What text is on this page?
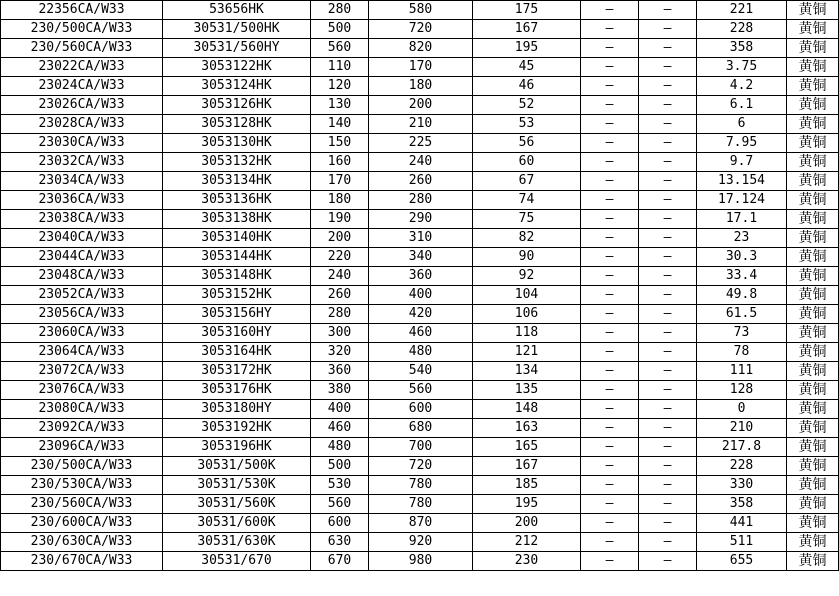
22356CA/W33	53656HK	280	580	175	—	—	221	黄铜
230/500CA/W33	30531/500HK	500	720	167	—	—	228	黄铜
230/560CA/W33	30531/560HY	560	820	195	—	—	358	黄铜
23022CA/W33	3053122HK	110	170	45	—	—	3.75	黄铜
23024CA/W33	3053124HK	120	180	46	—	—	4.2	黄铜
23026CA/W33	3053126HK	130	200	52	—	—	6.1	黄铜
23028CA/W33	3053128HK	140	210	53	—	—	6	黄铜
23030CA/W33	3053130HK	150	225	56	—	—	7.95	黄铜
23032CA/W33	3053132HK	160	240	60	—	—	9.7	黄铜
23034CA/W33	3053134HK	170	260	67	—	—	13.154	黄铜
23036CA/W33	3053136HK	180	280	74	—	—	17.124	黄铜
23038CA/W33	3053138HK	190	290	75	—	—	17.1	黄铜
23040CA/W33	3053140HK	200	310	82	—	—	23	黄铜
23044CA/W33	3053144HK	220	340	90	—	—	30.3	黄铜
23048CA/W33	3053148HK	240	360	92	—	—	33.4	黄铜
23052CA/W33	3053152HK	260	400	104	—	—	49.8	黄铜
23056CA/W33	3053156HY	280	420	106	—	—	61.5	黄铜
23060CA/W33	3053160HY	300	460	118	—	—	73	黄铜
23064CA/W33	3053164HK	320	480	121	—	—	78	黄铜
23072CA/W33	3053172HK	360	540	134	—	—	111	黄铜
23076CA/W33	3053176HK	380	560	135	—	—	128	黄铜
23080CA/W33	3053180HY	400	600	148	—	—	0	黄铜
23092CA/W33	3053192HK	460	680	163	—	—	210	黄铜
23096CA/W33	3053196HK	480	700	165	—	—	217.8	黄铜
230/500CA/W33	30531/500K	500	720	167	—	—	228	黄铜
230/530CA/W33	30531/530K	530	780	185	—	—	330	黄铜
230/560CA/W33	30531/560K	560	780	195	—	—	358	黄铜
230/600CA/W33	30531/600K	600	870	200	—	—	441	黄铜
230/630CA/W33	30531/630K	630	920	212	—	—	511	黄铜
230/670CA/W33	30531/670	670	980	230	—	—	655	黄铜
